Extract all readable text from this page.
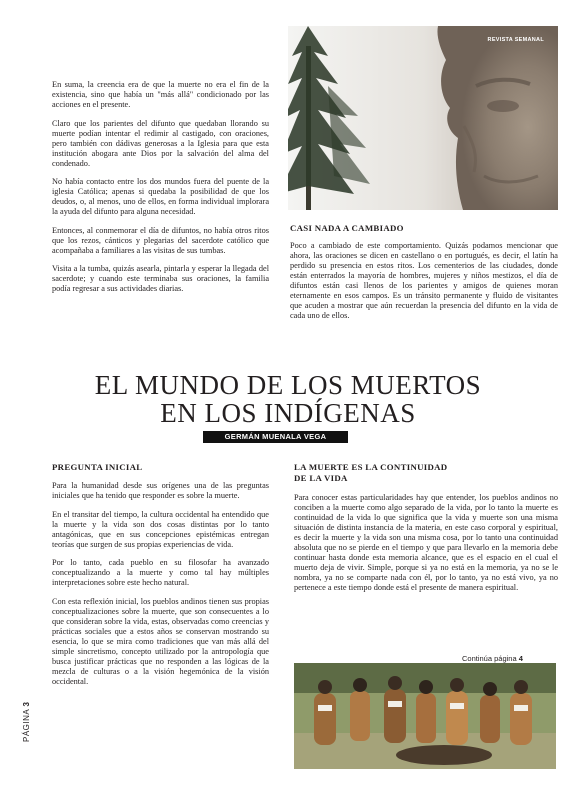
En suma, la creencia era de que la muerte no era el fin de la existencia, sino que había un "más allá" condicionado por las acciones en el presente.

Claro que los parientes del difunto que quedaban llorando su muerte podían intentar el redimir al castigado, con oraciones, pero también con dádivas generosas a la Iglesia para que esta institución abogara ante Dios por la salvación del alma del condenado.

No había contacto entre los dos mundos fuera del puente de la iglesia Católica; apenas si quedaba la posibilidad de que los deudos, o, al menos, uno de ellos, en forma individual implorara la ayuda del difunto para alguna necesidad.

Entonces, al conmemorar el día de difuntos, no había otros ritos que los rezos, cánticos y plegarias del sacerdote católico que acompañaba a familiares a las visitas de sus tumbas.

Visita a la tumba, quizás asearla, pintarla y esperar la llegada del sacerdote; y cuando este terminaba sus oraciones, la familia podía regresar a sus actividades diarias.

REVISTA SEMANAL
CASI NADA A CAMBIADO

Poco a cambiado de este comportamiento. Quizás podamos mencionar que ahora, las oraciones se dicen en castellano o en portugués, es decir, el latín ha perdido su presencia en estos ritos. Los cementerios de las ciudades, donde están enterrados la mayoría de hombres, mujeres y niños mestizos, el día de difuntos están casi llenos de los parientes y amigos de quienes moran eternamente en esos campos. Es un tránsito permanente y fluido de visitantes que acuden a mostrar que aún recuerdan la presencia del difunto en la vida de cada uno de ellos.

EL MUNDO DE LOS MUERTOS
EN LOS INDÍGENAS
GERMÁN MUENALA VEGA
PREGUNTA INICIAL

Para la humanidad desde sus orígenes una de las preguntas iniciales que ha tenido que responder es sobre la muerte.

En el transitar del tiempo, la cultura occidental ha entendido que la muerte y la vida son dos cosas distintas por lo tanto antagónicas, que en sus concepciones epistémicas entregan teorías que surgen de sus propias experiencias de vida.

Por lo tanto, cada pueblo en su filosofar ha avanzado conceptualizando a la muerte y como tal hay múltiples interpretaciones sobre este hecho natural.

Con esta reflexión inicial, los pueblos andinos tienen sus propias conceptualizaciones sobre la muerte, que son consecuentes a lo que consideran sobre la vida, estas, observadas como creencias y prácticas sociales que a estos años se conservan mostrando su esencia, lo que se mira como tradiciones que van más allá del simple sincretismo, concepto utilizado por la antropología que busca justificar prácticas que no responden a las lógicas de la mezcla de culturas o a la visión hegemónica de la visión occidental.

LA MUERTE ES LA CONTINUIDAD
DE LA VIDA

Para conocer estas particularidades hay que entender, los pueblos andinos no conciben a la muerte como algo separado de la vida, por lo tanto la muerte es continuidad de la vida lo que significa que la vida y muerte son una misma situación de distinta instancia de la materia, en este caso corporal y espiritual, es decir la muerte y la vida son una misma cosa, por lo tanto una continuidad absoluta que no se pierde en el tiempo y que para llevarlo en la memoria debe continuar hasta donde esta memoria alcance, que es el espacio en el cual el muerto deja de vivir. Simple, porque si ya no está en la memoria, ya no se le nombra, ya no se comparte nada con él, por lo tanto, ya no está vivo, ya no pertenece a este tiempo donde está el presente de manera espiritual.

Continúa página 4
PÁGINA 3
